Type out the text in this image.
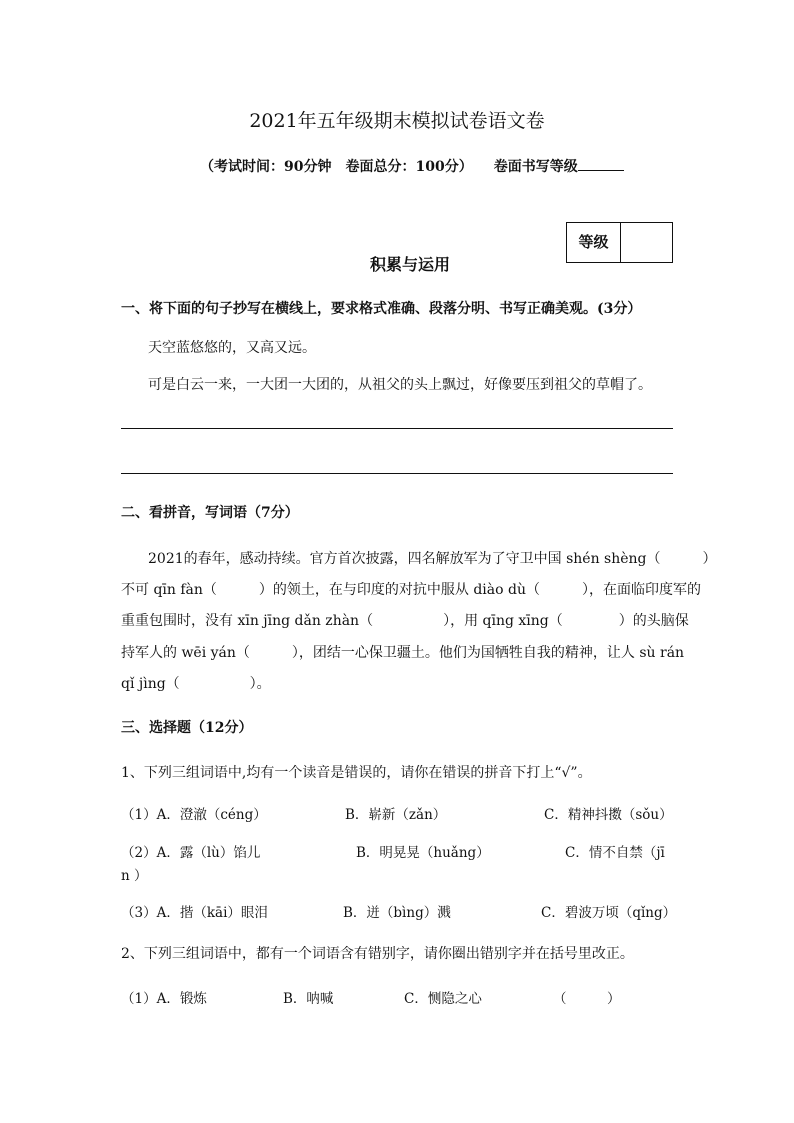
2021年五年级期末模拟试卷语文卷
（考试时间：90分钟　卷面总分：100分）　　卷面书写等级
等级
积累与运用
一、将下面的句子抄写在横线上，要求格式准确、段落分明、书写正确美观。(3分）
天空蓝悠悠的，又高又远。
可是白云一来，一大团一大团的，从祖父的头上飘过，好像要压到祖父的草帽了。
二、看拼音，写词语（7分）
2021的春年，感动持续。官方首次披露，四名解放军为了守卫中国 shén shèng（　　　）
不可 qīn fàn（　　　）的领土，在与印度的对抗中服从 diào dù（　　　），在面临印度军的
重重包围时，没有 xīn jīng dǎn zhàn（　　　　　），用 qīng xīng（　　　　）的头脑保
持军人的 wēi yán（　　　），团结一心保卫疆土。他们为国牺牲自我的精神，让人 sù rán
qǐ jìng（　　　　　）。
三、选择题（12分）
1、下列三组词语中,均有一个读音是错误的，请你在错误的拼音下打上“√”。
（1）A．澄澈（céng）	B．崭新（zǎn）	C．精神抖擞（sǒu）
（2）A．露（lù）馅儿	B．明晃晃（huǎng）	C．情不自禁（jī
n ）
（3）A．揩（kāi）眼泪	B．迸（bìng）溅	C．碧波万顷（qǐng）
2、下列三组词语中，都有一个词语含有错别字，请你圈出错别字并在括号里改正。
（1）A．锻炼	B．呐喊	C．恻隐之心	（　　　）
